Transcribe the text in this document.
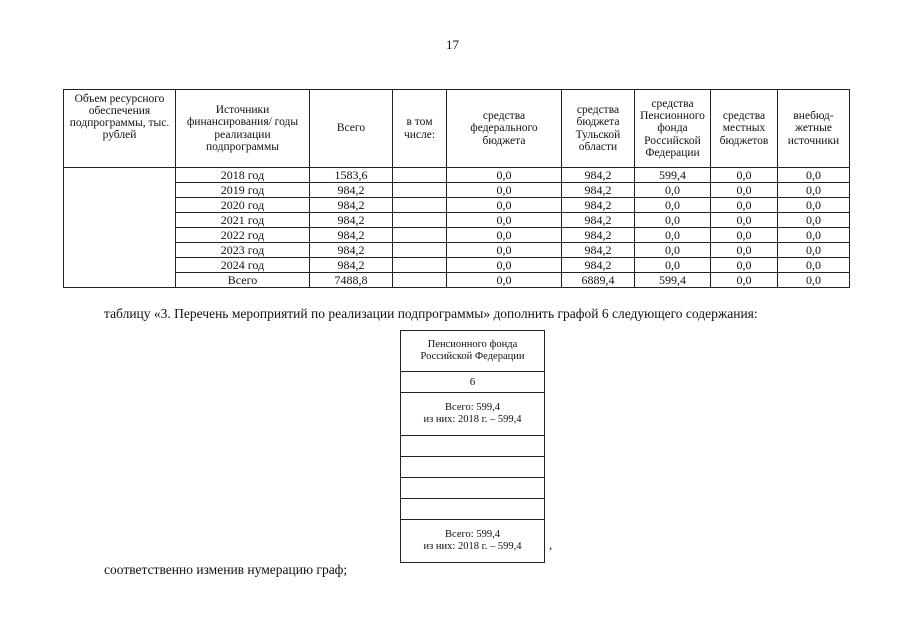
17
Объем ресурсного обеспечения подпрограммы, тыс. рублей	Источники финансирования/ годы реализации подпрограммы	Всего	в том числе:	средства федерального бюджета	средства бюджета Тульской области	средства Пенсионного фонда Российской Федерации	средства местных бюджетов	внебюд-жетные источники
	2018 год	1583,6		0,0	984,2	599,4	0,0	0,0
	2019 год	984,2		0,0	984,2	0,0	0,0	0,0
	2020 год	984,2		0,0	984,2	0,0	0,0	0,0
	2021 год	984,2		0,0	984,2	0,0	0,0	0,0
	2022 год	984,2		0,0	984,2	0,0	0,0	0,0
	2023 год	984,2		0,0	984,2	0,0	0,0	0,0
	2024 год	984,2		0,0	984,2	0,0	0,0	0,0
	Всего	7488,8		0,0	6889,4	599,4	0,0	0,0
таблицу «3. Перечень мероприятий по реализации подпрограммы» дополнить графой 6 следующего содержания:
Пенсионного фонда Российской Федерации
6

Всего: 599,4
из них: 2018 г. – 599,4

Всего: 599,4
из них: 2018 г. – 599,4	,
соответственно изменив нумерацию граф;
